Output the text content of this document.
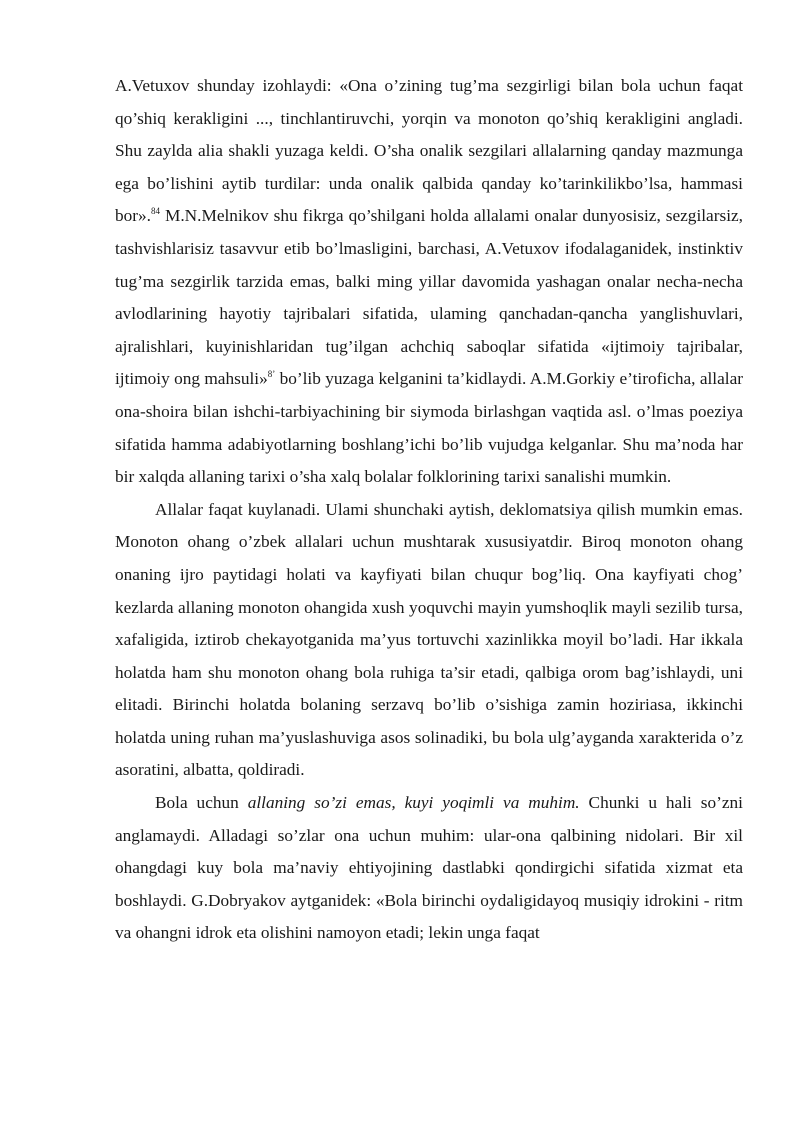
A.Vetuxov shunday izohlaydi: «Ona o’zining tug’ma sezgirligi bilan bola uchun faqat qo’shiq kerakligini ..., tinchlantiruvchi, yorqin va monoton qo’shiq kerakligini angladi. Shu zaylda alia shakli yuzaga keldi. O’sha onalik sezgilari allalarning qanday mazmunga ega bo’lishini aytib turdilar: unda onalik qalbida qanday ko’tarinkilikbo’lsa, hammasi bor».$^{84}$ M.N.Melnikov shu fikrga qo’shilgani holda allalami onalar dunyosisiz, sezgilarsiz, tashvishlarisiz tasavvur etib bo’lmasligini, barchasi, A.Vetuxov ifodalaganidek, instinktiv tug’ma sezgirlik tarzida emas, balki ming yillar davomida yashagan onalar necha-necha avlodlarining hayotiy tajribalari sifatida, ulaming qanchadan-qancha yanglishuvlari, ajralishlari, kuyinishlaridan tug’ilgan achchiq saboqlar sifatida «ijtimoiy tajribalar, ijtimoiy ong mahsuli»$^{8’}$ bo’lib yuzaga kelganini ta’kidlaydi. A.M.Gorkiy e’tiroficha, allalar ona-shoira bilan ishchi-tarbiyachining bir siymoda birlashgan vaqtida asl. o’lmas poeziya sifatida hamma adabiyotlarning boshlang’ichi bo’lib vujudga kelganlar. Shu ma’noda har bir xalqda allaning tarixi o’sha xalq bolalar folklorining tarixi sanalishi mumkin.

Allalar faqat kuylanadi. Ulami shunchaki aytish, deklomatsiya qilish mumkin emas. Monoton ohang o’zbek allalari uchun mushtarak xususiyatdir. Biroq monoton ohang onaning ijro paytidagi holati va kayfiyati bilan chuqur bog’liq. Ona kayfiyati chog’ kezlarda allaning monoton ohangida xush yoquvchi mayin yumshoqlik mayli sezilib tursa, xafaligida, iztirob chekayotganida ma’yus tortuvchi xazinlikka moyil bo’ladi. Har ikkala holatda ham shu monoton ohang bola ruhiga ta’sir etadi, qalbiga orom bag’ishlaydi, uni elitadi. Birinchi holatda bolaning serzavq bo’lib o’sishiga zamin hoziriasa, ikkinchi holatda uning ruhan ma’yuslashuviga asos solinadiki, bu bola ulg’ayganda xarakterida o’z asoratini, albatta, qoldiradi.

Bola uchun allaning so’zi emas, kuyi yoqimli va muhim. Chunki u hali so’zni anglamaydi. Alladagi so’zlar ona uchun muhim: ular-ona qalbining nidolari. Bir xil ohangdagi kuy bola ma’naviy ehtiyojining dastlabki qondirgichi sifatida xizmat eta boshlaydi. G.Dobryakov aytganidek: «Bola birinchi oydaligidayoq musiqiy idrokini - ritm va ohangni idrok eta olishini namoyon etadi; lekin unga faqat
